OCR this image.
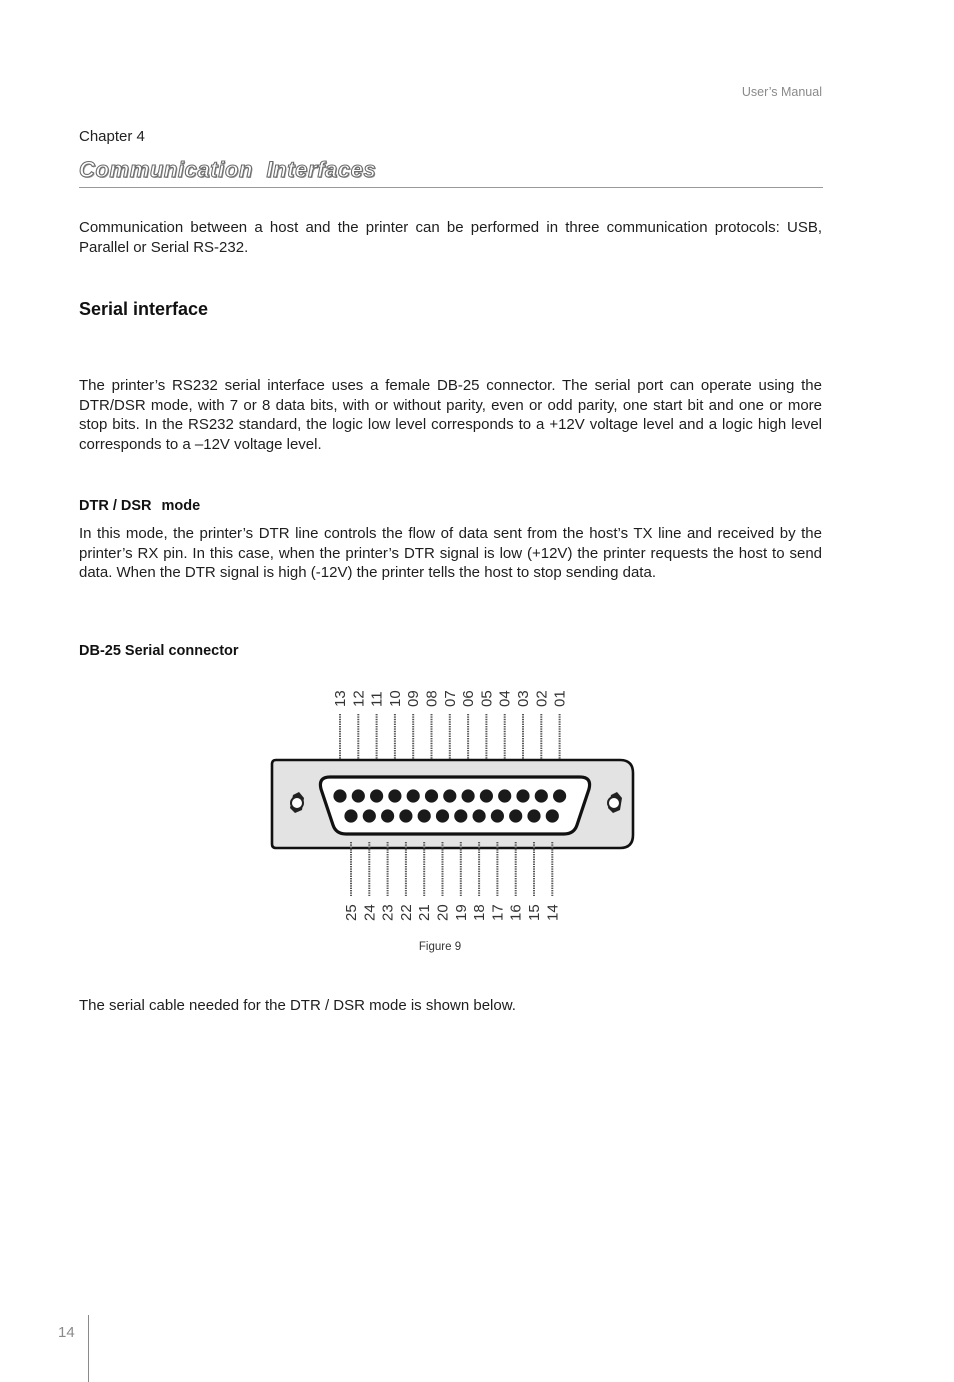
User’s Manual
Chapter 4
Communication  Interfaces
Communication between a host and the printer can be performed in three communication protocols: USB, Parallel or Serial RS-232.
Serial interface
The printer’s RS232 serial interface uses a female DB-25 connector. The serial port can operate using the DTR/DSR mode, with 7 or 8 data bits, with or without parity, even or odd parity, one start bit and one or more stop bits. In the RS232 standard, the logic low level corresponds to a +12V voltage level and a logic high level corresponds to a –12V voltage level.
DTR / DSR mode
In this mode, the printer’s DTR line controls the flow of data sent from the host’s TX line and received by the printer’s RX pin. In this case, when the printer’s DTR signal is low (+12V) the printer requests the host to send data. When the DTR signal is high (-12V) the printer tells the host to stop sending data.
DB-25 Serial connector
13 12 11 10 09 08 07 06 05 04 03 02 01
25 24 23 22 21 20 19 18 17 16 15 14
Figure 9
The serial cable needed for the DTR / DSR mode is shown below.
14
